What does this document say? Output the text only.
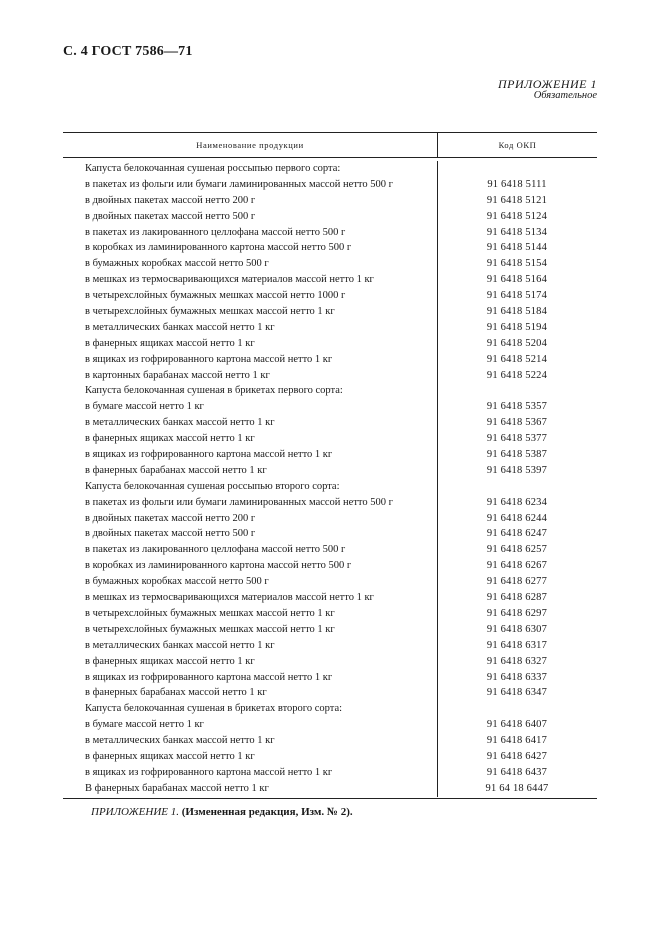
С. 4 ГОСТ 7586—71
ПРИЛОЖЕНИЕ 1
Обязательное
Наименование продукции	Код ОКП
Капуста белокочанная сушеная россыпью первого сорта:
в пакетах из фольги или бумаги ламинированных массой нетто 500 г	91 6418 5111
в двойных пакетах массой нетто 200 г	91 6418 5121
в двойных пакетах массой нетто 500 г	91 6418 5124
в пакетах из лакированного целлофана массой нетто 500 г	91 6418 5134
в коробках из ламинированного картона массой нетто 500 г	91 6418 5144
в бумажных коробках массой нетто 500 г	91 6418 5154
в мешках из термосваривающихся материалов массой нетто 1 кг	91 6418 5164
в четырехслойных бумажных мешках массой нетто 1000 г	91 6418 5174
в четырехслойных бумажных мешках массой нетто 1 кг	91 6418 5184
в металлических банках массой нетто 1 кг	91 6418 5194
в фанерных ящиках массой нетто 1 кг	91 6418 5204
в ящиках из гофрированного картона массой нетто 1 кг	91 6418 5214
в картонных барабанах массой нетто 1 кг	91 6418 5224
Капуста белокочанная сушеная в брикетах первого сорта:
в бумаге массой нетто 1 кг	91 6418 5357
в металлических банках массой нетто 1 кг	91 6418 5367
в фанерных ящиках массой нетто 1 кг	91 6418 5377
в ящиках из гофрированного картона массой нетто 1 кг	91 6418 5387
в фанерных барабанах массой нетто 1 кг	91 6418 5397
Капуста белокочанная сушеная россыпью второго сорта:
в пакетах из фольги или бумаги ламинированных массой нетто 500 г	91 6418 6234
в двойных пакетах массой нетто 200 г	91 6418 6244
в двойных пакетах массой нетто 500 г	91 6418 6247
в пакетах из лакированного целлофана массой нетто 500 г	91 6418 6257
в коробках из ламинированного картона массой нетто 500 г	91 6418 6267
в бумажных коробках массой нетто 500 г	91 6418 6277
в мешках из термосваривающихся материалов массой нетто 1 кг	91 6418 6287
в четырехслойных бумажных мешках массой нетто 1 кг	91 6418 6297
в четырехслойных бумажных мешках массой нетто 1 кг	91 6418 6307
в металлических банках массой нетто 1 кг	91 6418 6317
в фанерных ящиках массой нетто 1 кг	91 6418 6327
в ящиках из гофрированного картона массой нетто 1 кг	91 6418 6337
в фанерных барабанах массой нетто 1 кг	91 6418 6347
Капуста белокочанная сушеная в брикетах второго сорта:
в бумаге массой нетто 1 кг	91 6418 6407
в металлических банках массой нетто 1 кг	91 6418 6417
в фанерных ящиках массой нетто 1 кг	91 6418 6427
в ящиках из гофрированного картона массой нетто 1 кг	91 6418 6437
В фанерных барабанах массой нетто 1 кг	91 64 18 6447
ПРИЛОЖЕНИЕ 1. (Измененная редакция, Изм. № 2).
